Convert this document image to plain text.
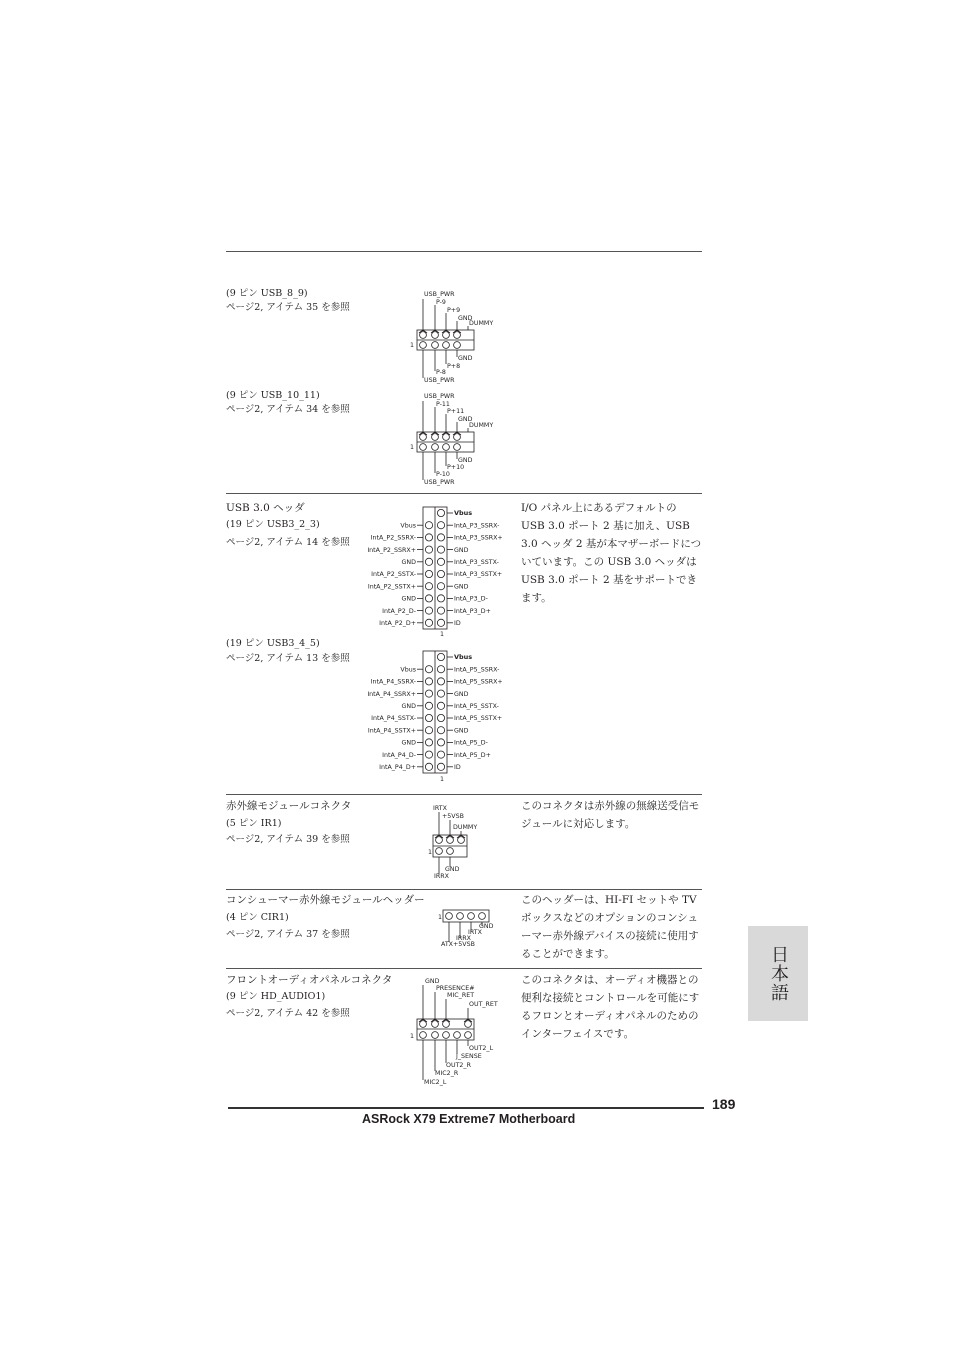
(9 ピン USB_8_9)
ページ2, アイテム 35 を参照
USB_PWR
P-9
P+9
GND
DUMMY
GND
P+8
P-8
USB_PWR
1
(9 ピン USB_10_11)
ページ2, アイテム 34 を参照
USB_PWR
P-11
P+11
GND
DUMMY
GND
P+10
P-10
USB_PWR
1
USB 3.0 ヘッダ
(19 ピン USB3_2_3)
ページ2, アイテム 14 を参照
I/O パネル上にあるデフォルトの USB 3.0 ポート 2 基に加え、USB 3.0 ヘッダ 2 基が本マザーボードについています。この USB 3.0 ヘッダは USB 3.0 ポート 2 基をサポートできます。
Vbus
IntA_P2_SSRX-
IntA_P2_SSRX+
GND
IntA_P2_SSTX-
IntA_P2_SSTX+
GND
IntA_P2_D-
IntA_P2_D+
Vbus
IntA_P3_SSRX-
IntA_P3_SSRX+
GND
IntA_P3_SSTX-
IntA_P3_SSTX+
GND
IntA_P3_D-
IntA_P3_D+
ID
1
(19 ピン USB3_4_5)
ページ2, アイテム 13 を参照
Vbus
IntA_P4_SSRX-
IntA_P4_SSRX+
GND
IntA_P4_SSTX-
IntA_P4_SSTX+
GND
IntA_P4_D-
IntA_P4_D+
Vbus
IntA_P5_SSRX-
IntA_P5_SSRX+
GND
IntA_P5_SSTX-
IntA_P5_SSTX+
GND
IntA_P5_D-
IntA_P5_D+
ID
1
赤外線モジュールコネクタ
(5 ピン IR1)
ページ2, アイテム 39 を参照
このコネクタは赤外線の無線送受信モジュールに対応します。
IRTX
+5VSB
DUMMY
GND
IRRX
1
コンシューマー赤外線モジュールヘッダー
(4 ピン CIR1)
ページ2, アイテム 37 を参照
このヘッダーは、HI-FI セットや TV ボックスなどのオプションのコンシューマー赤外線デバイスの接続に使用することができます。
1
GND
IRTX
IRRX
ATX+5VSB
フロントオーディオパネルコネクタ
(9 ピン HD_AUDIO1)
ページ2, アイテム 42 を参照
このコネクタは、オーディオ機器との便利な接続とコントロールを可能にするフロンとオーディオパネルのためのインターフェイスです。
GND
PRESENCE#
MIC_RET
OUT_RET
OUT2_L
J_SENSE
OUT2_R
MIC2_R
MIC2_L
1
日本語
189
ASRock X79 Extreme7 Motherboard
